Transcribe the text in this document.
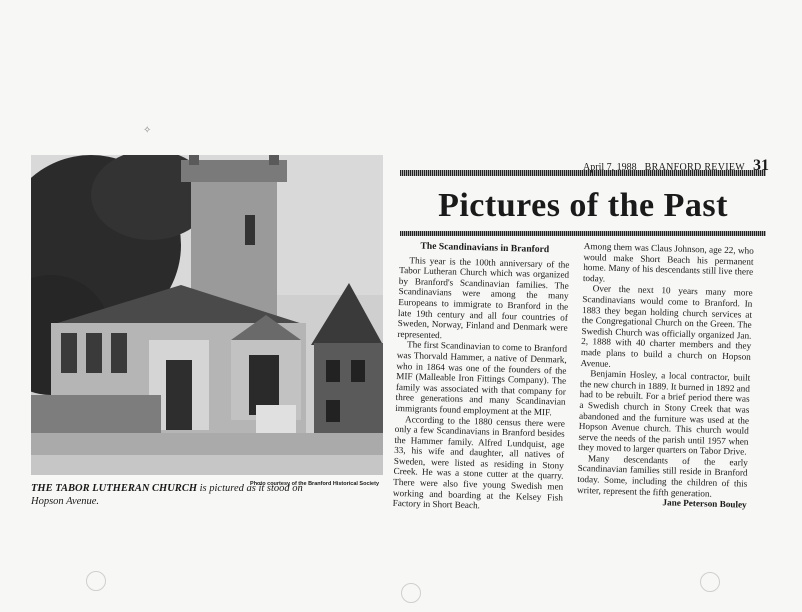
✧
Photo courtesy of the Branford Historical Society
THE TABOR LUTHERAN CHURCH is pictured as it stood on Hopson Avenue.
April 7, 1988 BRANFORD REVIEW 31
Pictures of the Past

The Scandinavians in Branford

This year is the 100th anniversary of the Tabor Lutheran Church which was organized by Branford's Scandinavian families. The Scandinavians were among the many Europeans to immigrate to Branford in the late 19th century and all four countries of Sweden, Norway, Finland and Denmark were represented.

The first Scandinavian to come to Branford was Thorvald Hammer, a native of Denmark, who in 1864 was one of the founders of the MIF (Malleable Iron Fittings Company). The family was associated with that company for three generations and many Scandinavian immigrants found employment at the MIF.

According to the 1880 census there were only a few Scandinavians in Branford besides the Hammer family. Alfred Lundquist, age 33, his wife and daughter, all natives of Sweden, were listed as residing in Stony Creek. He was a stone cutter at the quarry. There were also five young Swedish men working and boarding at the Kelsey Fish Factory in Short Beach.

Among them was Claus Johnson, age 22, who would make Short Beach his permanent home. Many of his descendants still live there today.

Over the next 10 years many more Scandinavians would come to Branford. In 1883 they began holding church services at the Congregational Church on the Green. The Swedish Church was officially organized Jan. 2, 1888 with 40 charter members and they made plans to build a church on Hopson Avenue.

Benjamin Hosley, a local contractor, built the new church in 1889. It burned in 1892 and had to be rebuilt. For a brief period there was a Swedish church in Stony Creek that was abandoned and the furniture was used at the Hopson Avenue church. This church would serve the needs of the parish until 1957 when they moved to larger quarters on Tabor Drive.

Many descendants of the early Scandinavian families still reside in Branford today. Some, including the children of this writer, represent the fifth generation.

Jane Peterson Bouley
